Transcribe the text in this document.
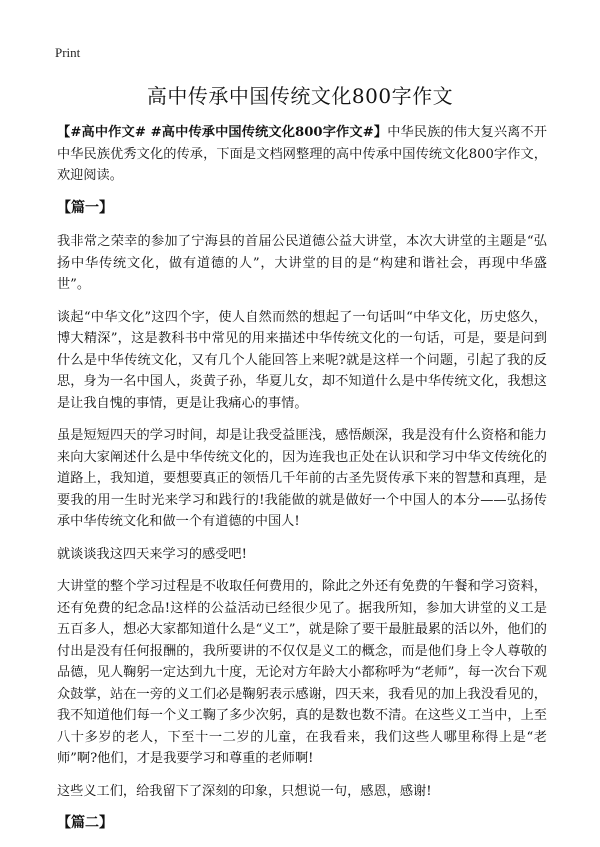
Print
高中传承中国传统文化800字作文

【#高中作文# #高中传承中国传统文化800字作文#】中华民族的伟大复兴离不开中华民族优秀文化的传承，下面是文档网整理的高中传承中国传统文化800字作文，欢迎阅读。

【篇一】

我非常之荣幸的参加了宁海县的首届公民道德公益大讲堂，本次大讲堂的主题是“弘扬中华传统文化，做有道德的人”，大讲堂的目的是“构建和谐社会，再现中华盛世”。

谈起“中华文化”这四个字，使人自然而然的想起了一句话叫“中华文化，历史悠久，博大精深”，这是教科书中常见的用来描述中华传统文化的一句话，可是，要是问到什么是中华传统文化，又有几个人能回答上来呢?就是这样一个问题，引起了我的反思，身为一名中国人，炎黄子孙，华夏儿女，却不知道什么是中华传统文化，我想这是让我自愧的事情，更是让我痛心的事情。

虽是短短四天的学习时间，却是让我受益匪浅，感悟颇深，我是没有什么资格和能力来向大家阐述什么是中华传统文化的，因为连我也正处在认识和学习中华文传统化的道路上，我知道，要想要真正的领悟几千年前的古圣先贤传承下来的智慧和真理，是要我的用一生时光来学习和践行的!我能做的就是做好一个中国人的本分——弘扬传承中华传统文化和做一个有道德的中国人!

就谈谈我这四天来学习的感受吧!

大讲堂的整个学习过程是不收取任何费用的，除此之外还有免费的午餐和学习资料，还有免费的纪念品!这样的公益活动已经很少见了。据我所知，参加大讲堂的义工是五百多人，想必大家都知道什么是“义工”，就是除了要干最脏最累的活以外，他们的付出是没有任何报酬的，我所要讲的不仅仅是义工的概念，而是他们身上令人尊敬的品德，见人鞠躬一定达到九十度，无论对方年龄大小都称呼为“老师”，每一次台下观众鼓掌，站在一旁的义工们必是鞠躬表示感谢，四天来，我看见的加上我没看见的，我不知道他们每一个义工鞠了多少次躬，真的是数也数不清。在这些义工当中，上至八十多岁的老人，下至十一二岁的儿童，在我看来，我们这些人哪里称得上是“老师”啊?他们，才是我要学习和尊重的老师啊!

这些义工们，给我留下了深刻的印象，只想说一句，感恩，感谢!

【篇二】
